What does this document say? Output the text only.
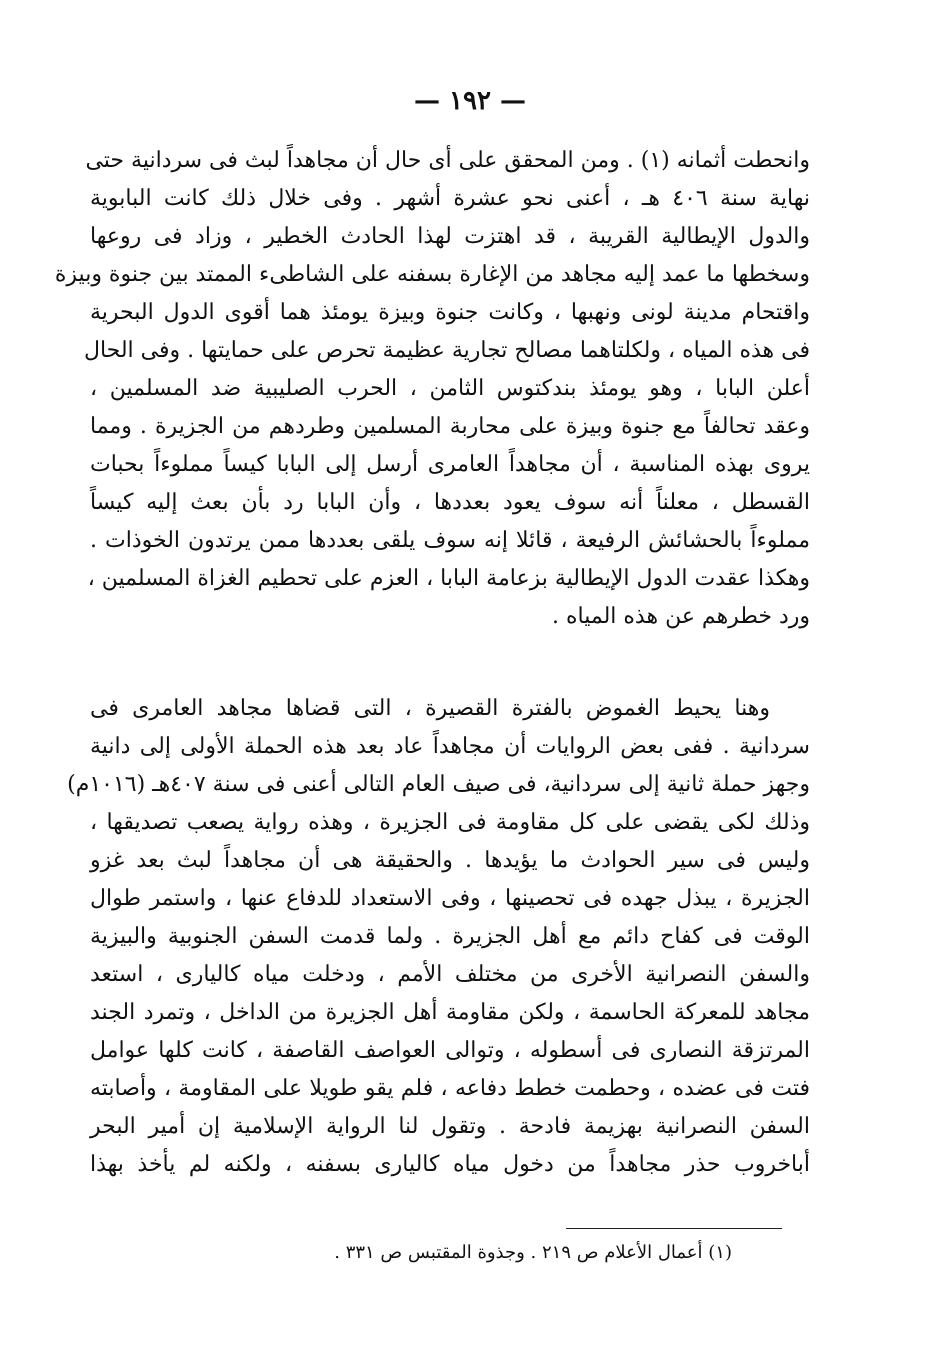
— ١٩٢ —
وانحطت أثمانه (١) . ومن المحقق على أى حال أن مجاهداً لبث فى سردانية حتى
نهاية سنة ٤٠٦ هـ ، أعنى نحو عشرة أشهر . وفى خلال ذلك كانت البابوية
والدول الإيطالية القريبة ، قد اهتزت لهذا الحادث الخطير ، وزاد فى روعها
وسخطها ما عمد إليه مجاهد من الإغارة بسفنه على الشاطىء الممتد بين جنوة وبيزة
واقتحام مدينة لونى ونهبها ، وكانت جنوة وبيزة يومئذ هما أقوى الدول البحرية
فى هذه المياه ، ولكلتاهما مصالح تجارية عظيمة تحرص على حمايتها . وفى الحال
أعلن البابا ، وهو يومئذ بندكتوس الثامن ، الحرب الصليبية ضد المسلمين ،
وعقد تحالفاً مع جنوة وبيزة على محاربة المسلمين وطردهم من الجزيرة . ومما
يروى بهذه المناسبة ، أن مجاهداً العامرى أرسل إلى البابا كيساً مملوءاً بحبات
القسطل ، معلناً أنه سوف يعود بعددها ، وأن البابا رد بأن بعث إليه كيساً
مملوءاً بالحشائش الرفيعة ، قائلا إنه سوف يلقى بعددها ممن يرتدون الخوذات .
وهكذا عقدت الدول الإيطالية بزعامة البابا ، العزم على تحطيم الغزاة المسلمين ،
ورد خطرهم عن هذه المياه .
وهنا يحيط الغموض بالفترة القصيرة ، التى قضاها مجاهد العامرى فى
سردانية . ففى بعض الروايات أن مجاهداً عاد بعد هذه الحملة الأولى إلى دانية
وجهز حملة ثانية إلى سردانية، فى صيف العام التالى أعنى فى سنة ٤٠٧هـ (١٠١٦م)
وذلك لكى يقضى على كل مقاومة فى الجزيرة ، وهذه رواية يصعب تصديقها ،
وليس فى سير الحوادث ما يؤيدها . والحقيقة هى أن مجاهداً لبث بعد غزو
الجزيرة ، يبذل جهده فى تحصينها ، وفى الاستعداد للدفاع عنها ، واستمر طوال
الوقت فى كفاح دائم مع أهل الجزيرة . ولما قدمت السفن الجنوبية والبيزية
والسفن النصرانية الأخرى من مختلف الأمم ، ودخلت مياه كاليارى ، استعد
مجاهد للمعركة الحاسمة ، ولكن مقاومة أهل الجزيرة من الداخل ، وتمرد الجند
المرتزقة النصارى فى أسطوله ، وتوالى العواصف القاصفة ، كانت كلها عوامل
فتت فى عضده ، وحطمت خطط دفاعه ، فلم يقو طويلا على المقاومة ، وأصابته
السفن النصرانية بهزيمة فادحة . وتقول لنا الرواية الإسلامية إن أمير البحر
أباخروب حذر مجاهداً من دخول مياه كاليارى بسفنه ، ولكنه لم يأخذ بهذا
(١) أعمال الأعلام ص ٢١٩ . وجذوة المقتبس ص ٣٣١ .
